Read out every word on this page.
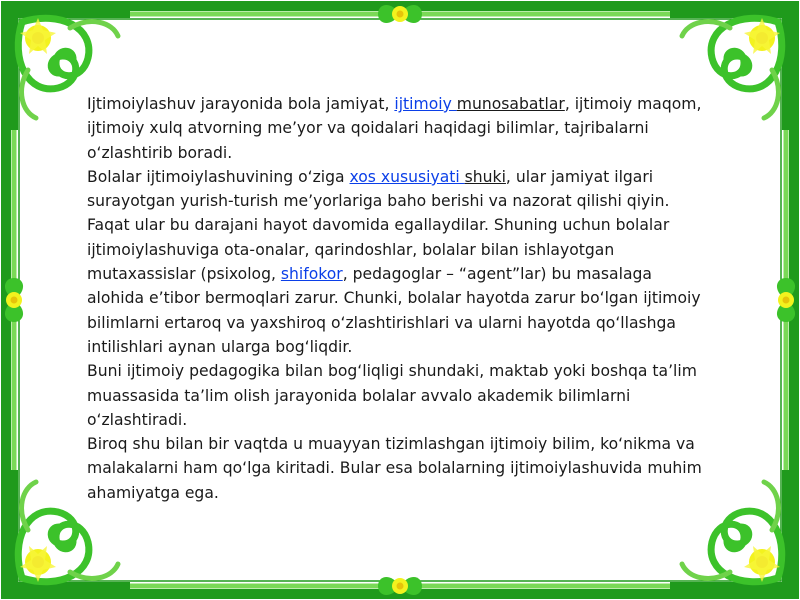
Ijtimoiylashuv jarayonida bola jamiyat, ijtimoiy munosabatlar, ijtimoiy maqom, ijtimoiy xulq atvorning me’yor va qoidalari haqidagi bilimlar, tajribalarni o‘zlashtirib boradi.

Bolalar ijtimoiylashuvining o‘ziga xos xususiyati shuki, ular jamiyat ilgari surayotgan yurish-turish me’yorlariga baho berishi va nazorat qilishi qiyin. Faqat ular bu darajani hayot davomida egallaydilar. Shuning uchun bolalar ijtimoiylashuviga ota-onalar, qarindoshlar, bolalar bilan ishlayotgan mutaxassislar (psixolog, shifokor, pedagoglar – “agent”lar) bu masalaga alohida e’tibor bermoqlari zarur. Chunki, bolalar hayotda zarur bo‘lgan ijtimoiy bilimlarni ertaroq va yaxshiroq o‘zlashtirishlari va ularni hayotda qo‘llashga intilishlari aynan ularga bog‘liqdir.

Buni ijtimoiy pedagogika bilan bog‘liqligi shundaki, maktab yoki boshqa ta’lim muassasida ta’lim olish jarayonida bolalar avvalo akademik bilimlarni o‘zlashtiradi.

Biroq shu bilan bir vaqtda u muayyan tizimlashgan ijtimoiy bilim, ko‘nikma va malakalarni ham qo‘lga kiritadi. Bular esa bolalarning ijtimoiylashuvida muhim ahamiyatga ega.
